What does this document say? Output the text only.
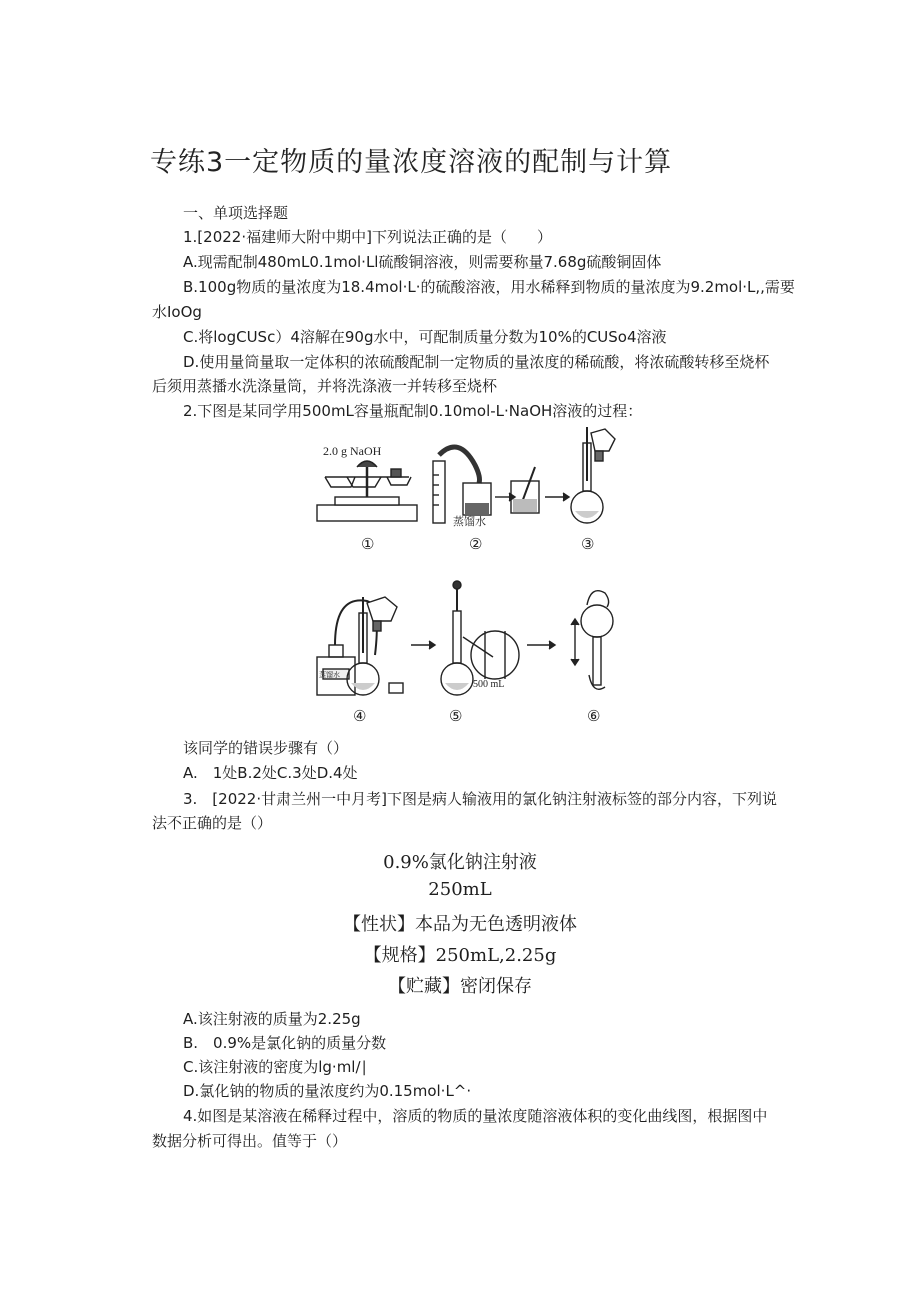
专练3一定物质的量浓度溶液的配制与计算
一、单项选择题
1.[2022·福建师大附中期中]下列说法正确的是（　　）
A.现需配制480mL0.1mol·Ll硫酸铜溶液，则需要称量7.68g硫酸铜固体
B.100g物质的量浓度为18.4mol·L·的硫酸溶液，用水稀释到物质的量浓度为9.2mol·L,,需要
水IoOg
C.将logCUSc）4溶解在90g水中，可配制质量分数为10%的CUSo4溶液
D.使用量筒量取一定体积的浓硫酸配制一定物质的量浓度的稀硫酸，将浓硫酸转移至烧杯
后须用蒸播水洗涤量筒，并将洗涤液一并转移至烧杯
2.下图是某同学用500mL容量瓶配制0.10mol-L·NaOH溶液的过程：
2.0 g NaOH
蒸馏水
蒸馏水
500 mL
①	②	③
④	⑤	⑥
该同学的错误步骤有（）
A.　1处B.2处C.3处D.4处
3.　[2022·甘肃兰州一中月考]下图是病人输液用的氯化钠注射液标签的部分内容，下列说
法不正确的是（）
0.9%氯化钠注射液
250mL
【性状】本品为无色透明液体
【规格】250mL,2.25g
【贮藏】密闭保存
A.该注射液的质量为2.25g
B.　0.9%是氯化钠的质量分数
C.该注射液的密度为lg·ml∕∣
D.氯化钠的物质的量浓度约为0.15mol·L^·
4.如图是某溶液在稀释过程中，溶质的物质的量浓度随溶液体积的变化曲线图，根据图中
数据分析可得出。值等于（）
